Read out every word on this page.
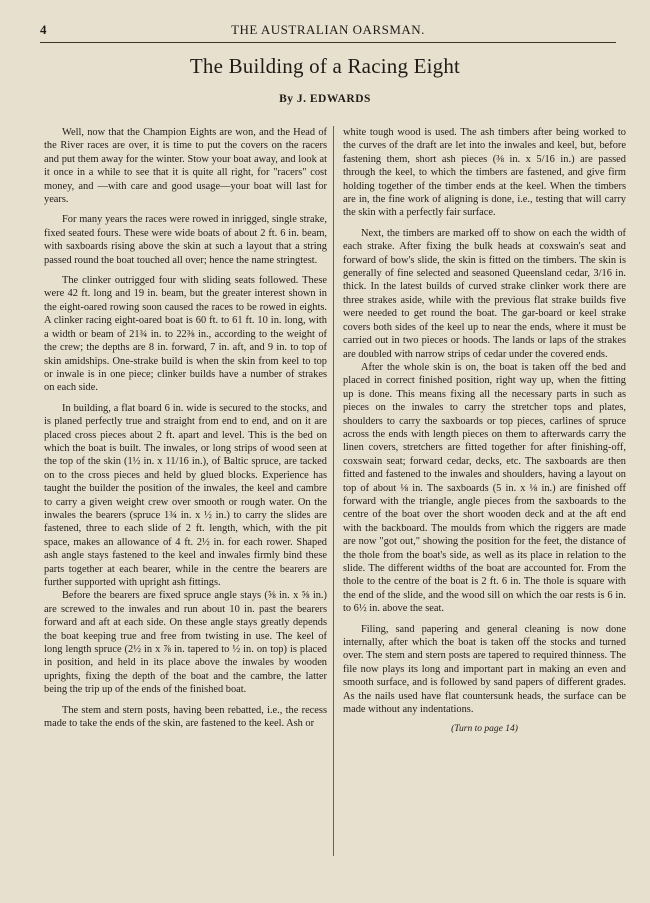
4	THE AUSTRALIAN OARSMAN.
The Building of a Racing Eight
By J. EDWARDS

Well, now that the Champion Eights are won, and the Head of the River races are over, it is time to put the covers on the racers and put them away for the winter. Stow your boat away, and look at it once in a while to see that it is quite all right, for "racers" cost money, and —with care and good usage—your boat will last for years.

For many years the races were rowed in inrigged, single strake, fixed seated fours. These were wide boats of about 2 ft. 6 in. beam, with saxboards rising above the skin at such a layout that a string passed round the boat touched all over; hence the name stringtest.

The clinker outrigged four with sliding seats followed. These were 42 ft. long and 19 in. beam, but the greater interest shown in the eight-oared rowing soon caused the races to be rowed in eights. A clinker racing eight-oared boat is 60 ft. to 61 ft. 10 in. long, with a width or beam of 21¾ in. to 22⅜ in., according to the weight of the crew; the depths are 8 in. forward, 7 in. aft, and 9 in. to top of skin amidships. One-strake build is when the skin from keel to top or inwale is in one piece; clinker builds have a number of strakes on each side.

In building, a flat board 6 in. wide is secured to the stocks, and is planed perfectly true and straight from end to end, and on it are placed cross pieces about 2 ft. apart and level. This is the bed on which the boat is built. The inwales, or long strips of wood seen at the top of the skin (1½ in. x 11/16 in.), of Baltic spruce, are tacked on to the cross pieces and held by glued blocks. Experience has taught the builder the position of the inwales, the keel and cambre to carry a given weight crew over smooth or rough water. On the inwales the bearers (spruce 1¾ in. x ½ in.) to carry the slides are fastened, three to each slide of 2 ft. length, which, with the pit space, makes an allowance of 4 ft. 2½ in. for each rower. Shaped ash angle stays fastened to the keel and inwales firmly bind these parts together at each bearer, while in the centre the bearers are further supported with upright ash fittings.

Before the bearers are fixed spruce angle stays (⅝ in. x ⅝ in.) are screwed to the inwales and run about 10 in. past the bearers forward and aft at each side. On these angle stays greatly depends the boat keeping true and free from twisting in use. The keel of long length spruce (2½ in x ⅞ in. tapered to ½ in. on top) is placed in position, and held in its place above the inwales by wooden uprights, fixing the depth of the boat and the cambre, the latter being the trip up of the ends of the finished boat.

The stem and stern posts, having been rebatted, i.e., the recess made to take the ends of the skin, are fastened to the keel. Ash or

white tough wood is used. The ash timbers after being worked to the curves of the draft are let into the inwales and keel, but, before fastening them, short ash pieces (⅜ in. x 5/16 in.) are passed through the keel, to which the timbers are fastened, and give firm holding together of the timber ends at the keel. When the timbers are in, the fine work of aligning is done, i.e., testing that will carry the skin with a perfectly fair surface.

Next, the timbers are marked off to show on each the width of each strake. After fixing the bulk heads at coxswain's seat and forward of bow's slide, the skin is fitted on the timbers. The skin is generally of fine selected and seasoned Queensland cedar, 3/16 in. thick. In the latest builds of curved strake clinker work there are three strakes aside, while with the previous flat strake builds five were needed to get round the boat. The gar-board or keel strake covers both sides of the keel up to near the ends, where it must be carried out in two pieces or hoods. The lands or laps of the strakes are doubled with narrow strips of cedar under the covered ends.

After the whole skin is on, the boat is taken off the bed and placed in correct finished position, right way up, when the fitting up is done. This means fixing all the necessary parts in such as pieces on the inwales to carry the stretcher tops and plates, shoulders to carry the saxboards or top pieces, carlines of spruce across the ends with length pieces on them to afterwards carry the linen covers, stretchers are fitted together for after finishing-off, coxswain seat; forward cedar, decks, etc. The saxboards are then fitted and fastened to the inwales and shoulders, having a layout on top of about ⅛ in. The saxboards (5 in. x ⅛ in.) are finished off forward with the triangle, angle pieces from the saxboards to the centre of the boat over the short wooden deck and at the aft end with the backboard. The moulds from which the riggers are made are now "got out," showing the position for the feet, the distance of the thole from the boat's side, as well as its place in relation to the slide. The different widths of the boat are accounted for. From the thole to the centre of the boat is 2 ft. 6 in. The thole is square with the end of the slide, and the wood sill on which the oar rests is 6 in. to 6½ in. above the seat.

Filing, sand papering and general cleaning is now done internally, after which the boat is taken off the stocks and turned over. The stem and stern posts are tapered to required thinness. The file now plays its long and important part in making an even and smooth surface, and is followed by sand papers of different grades. As the nails used have flat countersunk heads, the surface can be made without any indentations.

(Turn to page 14)
